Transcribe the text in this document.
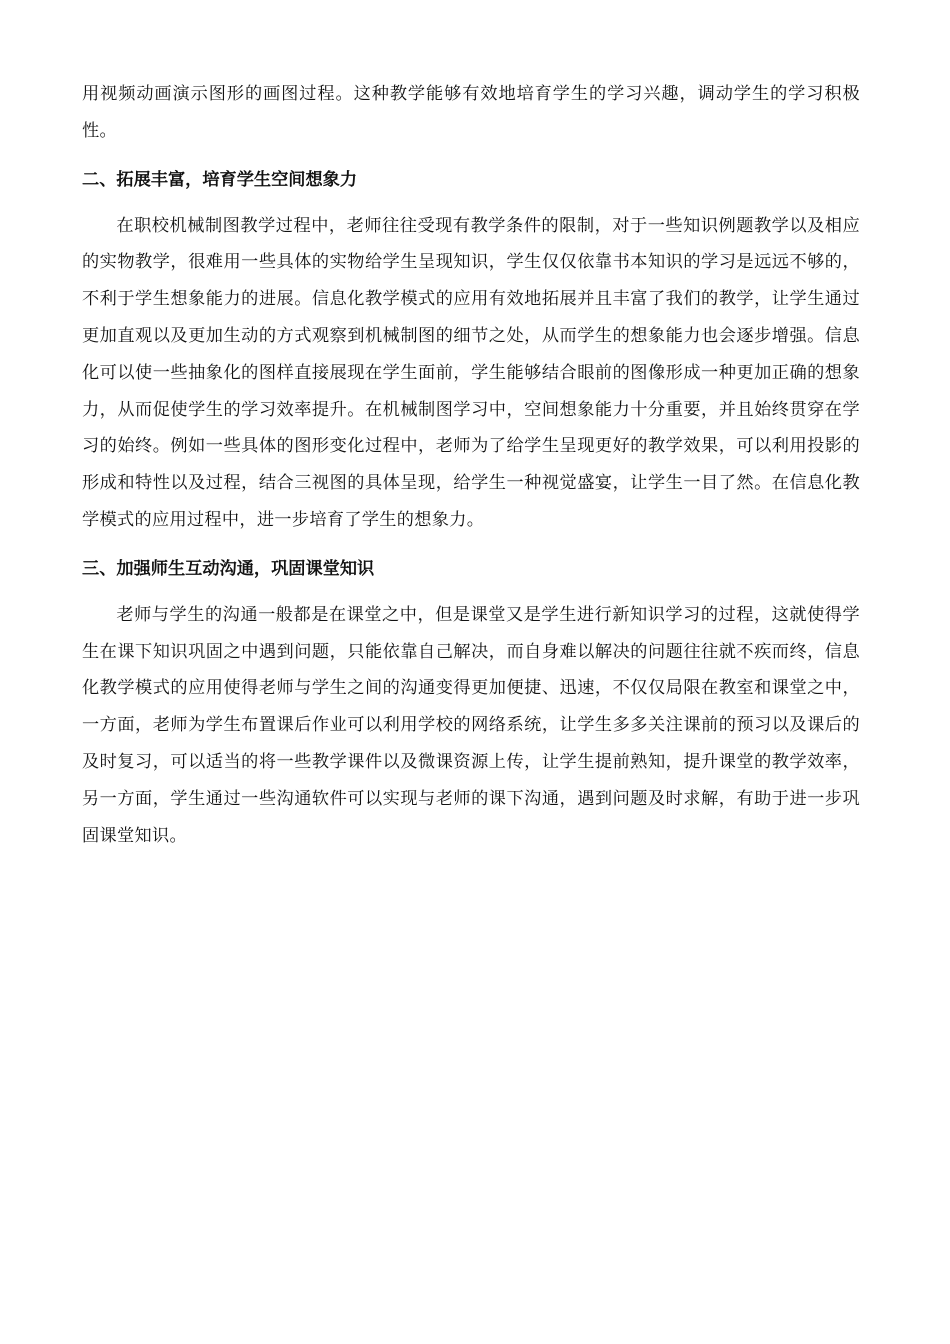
用视频动画演示图形的画图过程。这种教学能够有效地培育学生的学习兴趣，调动学生的学习积极性。

二、拓展丰富，培育学生空间想象力

在职校机械制图教学过程中，老师往往受现有教学条件的限制，对于一些知识例题教学以及相应的实物教学，很难用一些具体的实物给学生呈现知识，学生仅仅依靠书本知识的学习是远远不够的，不利于学生想象能力的进展。信息化教学模式的应用有效地拓展并且丰富了我们的教学，让学生通过更加直观以及更加生动的方式观察到机械制图的细节之处，从而学生的想象能力也会逐步增强。信息化可以使一些抽象化的图样直接展现在学生面前，学生能够结合眼前的图像形成一种更加正确的想象力，从而促使学生的学习效率提升。在机械制图学习中，空间想象能力十分重要，并且始终贯穿在学习的始终。例如一些具体的图形变化过程中，老师为了给学生呈现更好的教学效果，可以利用投影的形成和特性以及过程，结合三视图的具体呈现，给学生一种视觉盛宴，让学生一目了然。在信息化教学模式的应用过程中，进一步培育了学生的想象力。

三、加强师生互动沟通，巩固课堂知识

老师与学生的沟通一般都是在课堂之中，但是课堂又是学生进行新知识学习的过程，这就使得学生在课下知识巩固之中遇到问题，只能依靠自己解决，而自身难以解决的问题往往就不疾而终，信息化教学模式的应用使得老师与学生之间的沟通变得更加便捷、迅速，不仅仅局限在教室和课堂之中，一方面，老师为学生布置课后作业可以利用学校的网络系统，让学生多多关注课前的预习以及课后的及时复习，可以适当的将一些教学课件以及微课资源上传，让学生提前熟知，提升课堂的教学效率，另一方面，学生通过一些沟通软件可以实现与老师的课下沟通，遇到问题及时求解，有助于进一步巩固课堂知识。
